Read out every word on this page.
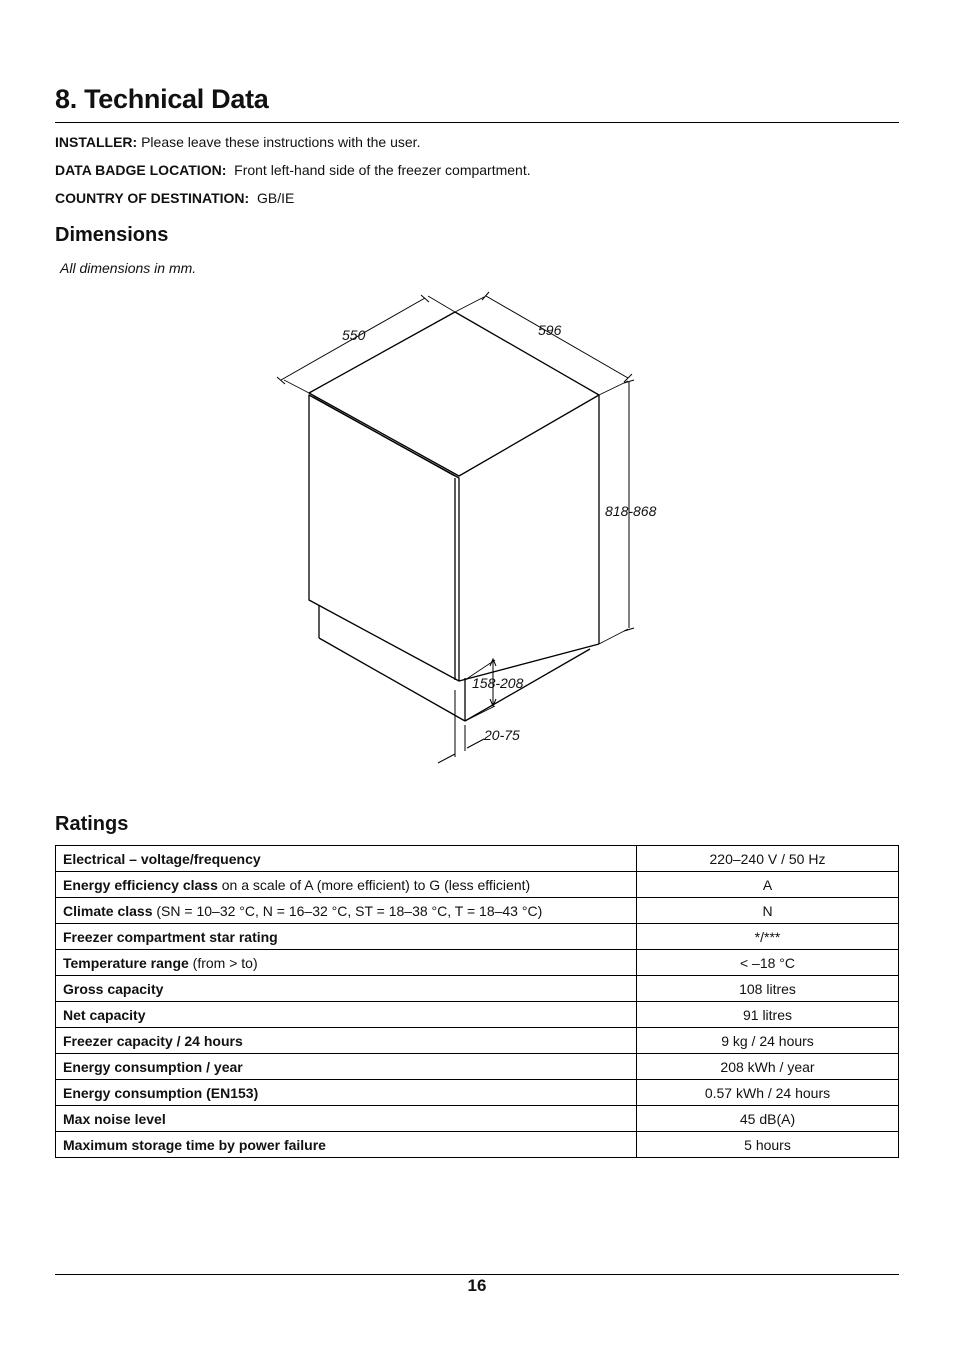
8. Technical Data
INSTALLER: Please leave these instructions with the user.
DATA BADGE LOCATION: Front left-hand side of the freezer compartment.
COUNTRY OF DESTINATION: GB/IE
Dimensions
All dimensions in mm.
550	596
818-868
158-208
20-75
Ratings
Electrical – voltage/frequency	220–240 V / 50 Hz
Energy efficiency class on a scale of A (more efficient) to G (less efficient)	A
Climate class (SN = 10–32 °C, N = 16–32 °C, ST = 18–38 °C, T = 18–43 °C)	N
Freezer compartment star rating	*/***
Temperature range (from > to)	< –18 °C
Gross capacity	108 litres
Net capacity	91 litres
Freezer capacity / 24 hours	9 kg / 24 hours
Energy consumption / year	208 kWh / year
Energy consumption (EN153)	0.57 kWh / 24 hours
Max noise level	45 dB(A)
Maximum storage time by power failure	5 hours
16
